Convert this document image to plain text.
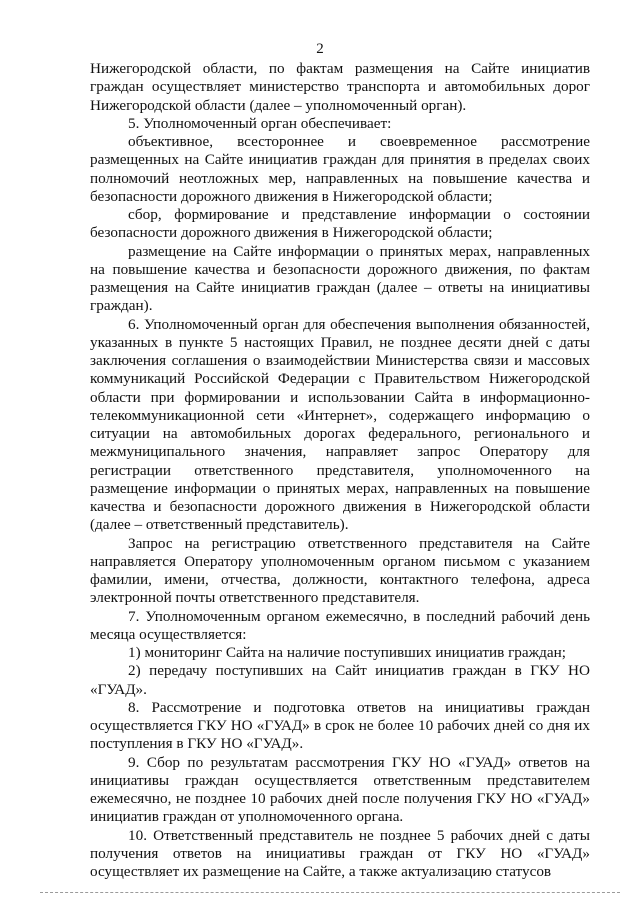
2

Нижегородской области, по фактам размещения на Сайте инициатив граждан осуществляет министерство транспорта и автомобильных дорог Нижегородской области (далее – уполномоченный орган).

5. Уполномоченный орган обеспечивает:

объективное, всестороннее и своевременное рассмотрение размещенных на Сайте инициатив граждан для принятия в пределах своих полномочий неотложных мер, направленных на повышение качества и безопасности дорожного движения в Нижегородской области;

сбор, формирование и представление информации о состоянии безопасности дорожного движения в Нижегородской области;

размещение на Сайте информации о принятых мерах, направленных на повышение качества и безопасности дорожного движения, по фактам размещения на Сайте инициатив граждан (далее – ответы на инициативы граждан).

6. Уполномоченный орган для обеспечения выполнения обязанностей, указанных в пункте 5 настоящих Правил, не позднее десяти дней с даты заключения соглашения о взаимодействии Министерства связи и массовых коммуникаций Российской Федерации с Правительством Нижегородской области при формировании и использовании Сайта в информационно-телекоммуникационной сети «Интернет», содержащего информацию о ситуации на автомобильных дорогах федерального, регионального и межмуниципального значения, направляет запрос Оператору для регистрации ответственного представителя, уполномоченного на размещение информации о принятых мерах, направленных на повышение качества и безопасности дорожного движения в Нижегородской области (далее – ответственный представитель).

Запрос на регистрацию ответственного представителя на Сайте направляется Оператору уполномоченным органом письмом с указанием фамилии, имени, отчества, должности, контактного телефона, адреса электронной почты ответственного представителя.

7. Уполномоченным органом ежемесячно, в последний рабочий день месяца осуществляется:

1) мониторинг Сайта на наличие поступивших инициатив граждан;

2) передачу поступивших на Сайт инициатив граждан в ГКУ НО «ГУАД».

8. Рассмотрение и подготовка ответов на инициативы граждан осуществляется ГКУ НО «ГУАД» в срок не более 10 рабочих дней со дня их поступления в ГКУ НО «ГУАД».

9. Сбор по результатам рассмотрения ГКУ НО «ГУАД» ответов на инициативы граждан осуществляется ответственным представителем ежемесячно, не позднее 10 рабочих дней после получения ГКУ НО «ГУАД» инициатив граждан от уполномоченного органа.

10. Ответственный представитель не позднее 5 рабочих дней с даты получения ответов на инициативы граждан от ГКУ НО «ГУАД» осуществляет их размещение на Сайте, а также актуализацию статусов
